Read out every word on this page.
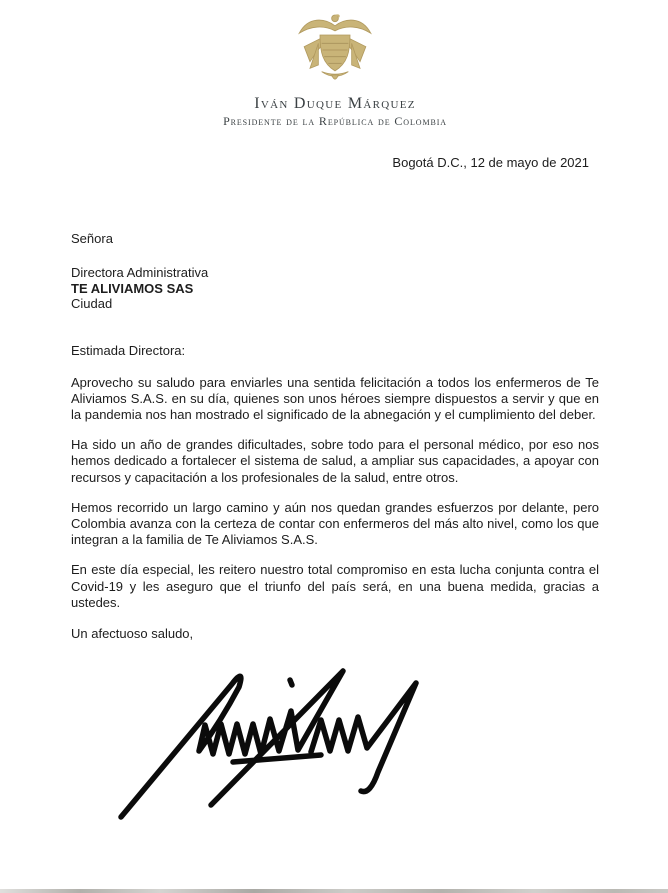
Iván Duque Márquez
Presidente de la República de Colombia
Bogotá D.C., 12 de mayo de 2021
Señora
Directora Administrativa
TE ALIVIAMOS SAS
Ciudad
Estimada Directora:

Aprovecho su saludo para enviarles una sentida felicitación a todos los enfermeros de Te Aliviamos S.A.S. en su día, quienes son unos héroes siempre dispuestos a servir y que en la pandemia nos han mostrado el significado de la abnegación y el cumplimiento del deber.

Ha sido un año de grandes dificultades, sobre todo para el personal médico, por eso nos hemos dedicado a fortalecer el sistema de salud, a ampliar sus capacidades, a apoyar con recursos y capacitación a los profesionales de la salud, entre otros.

Hemos recorrido un largo camino y aún nos quedan grandes esfuerzos por delante, pero Colombia avanza con la certeza de contar con enfermeros del más alto nivel, como los que integran a la familia de Te Aliviamos S.A.S.

En este día especial, les reitero nuestro total compromiso en esta lucha conjunta contra el Covid-19 y les aseguro que el triunfo del país será, en una buena medida, gracias a ustedes.

Un afectuoso saludo,
